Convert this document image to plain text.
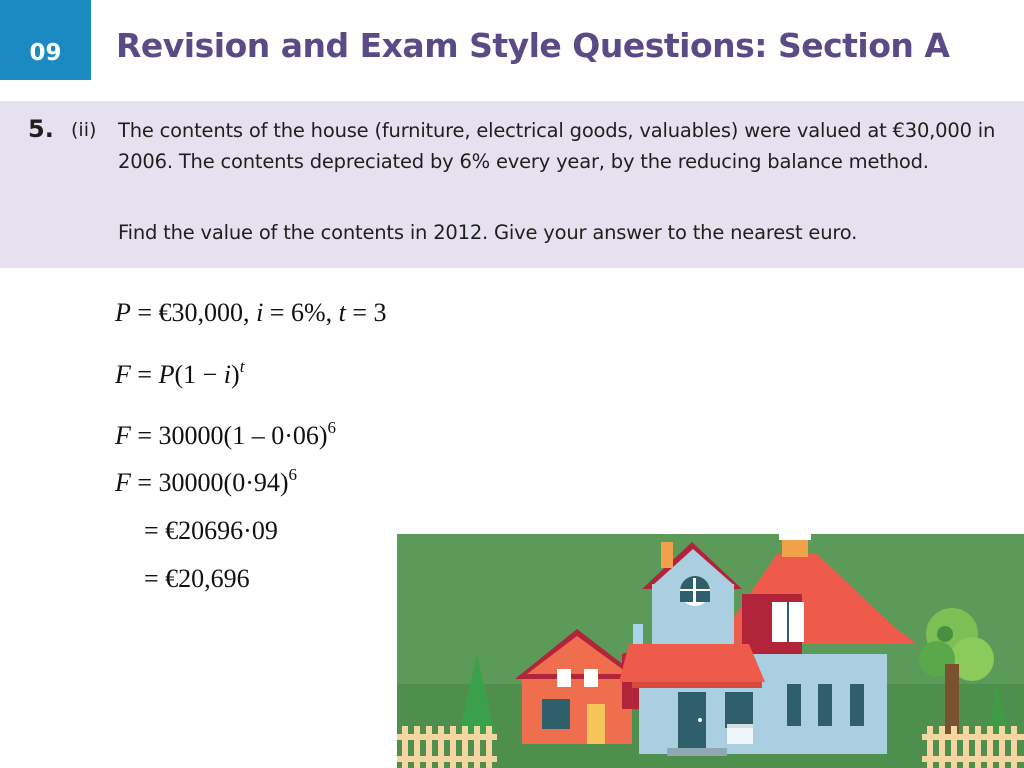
09 Revision and Exam Style Questions: Section A
5. (ii) The contents of the house (furniture, electrical goods, valuables) were valued at €30,000 in 2006. The contents depreciated by 6% every year, by the reducing balance method.
Find the value of the contents in 2012. Give your answer to the nearest euro.
P = €30,000, i = 6%, t = 3
$F = P(1 - i)^t$
$F = 30000(1 - 0\cdot 06)^6$
$F = 30000(0\cdot 94)^6$
= €20696·09
= €20,696
